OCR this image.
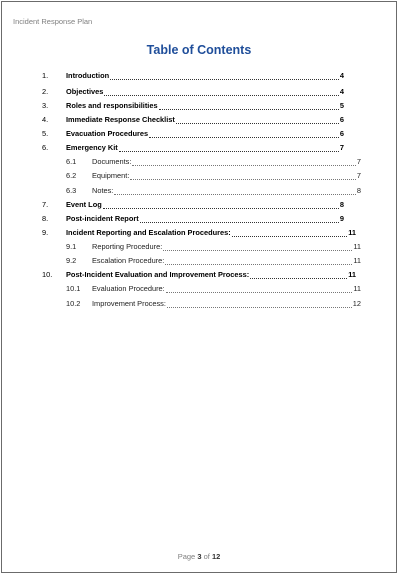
Incident Response Plan
Table of Contents
1. Introduction	4
2. Objectives	4
3. Roles and responsibilities	5
4. Immediate Response Checklist	6
5. Evacuation Procedures	6
6. Emergency Kit	7
6.1 Documents:	7
6.2 Equipment:	7
6.3 Notes:	8
7. Event Log	8
8. Post-incident Report	9
9. Incident Reporting and Escalation Procedures:	11
9.1 Reporting Procedure:	11
9.2 Escalation Procedure:	11
10. Post-Incident Evaluation and Improvement Process:	11
10.1 Evaluation Procedure:	11
10.2 Improvement Process:	12
Page 3 of 12
